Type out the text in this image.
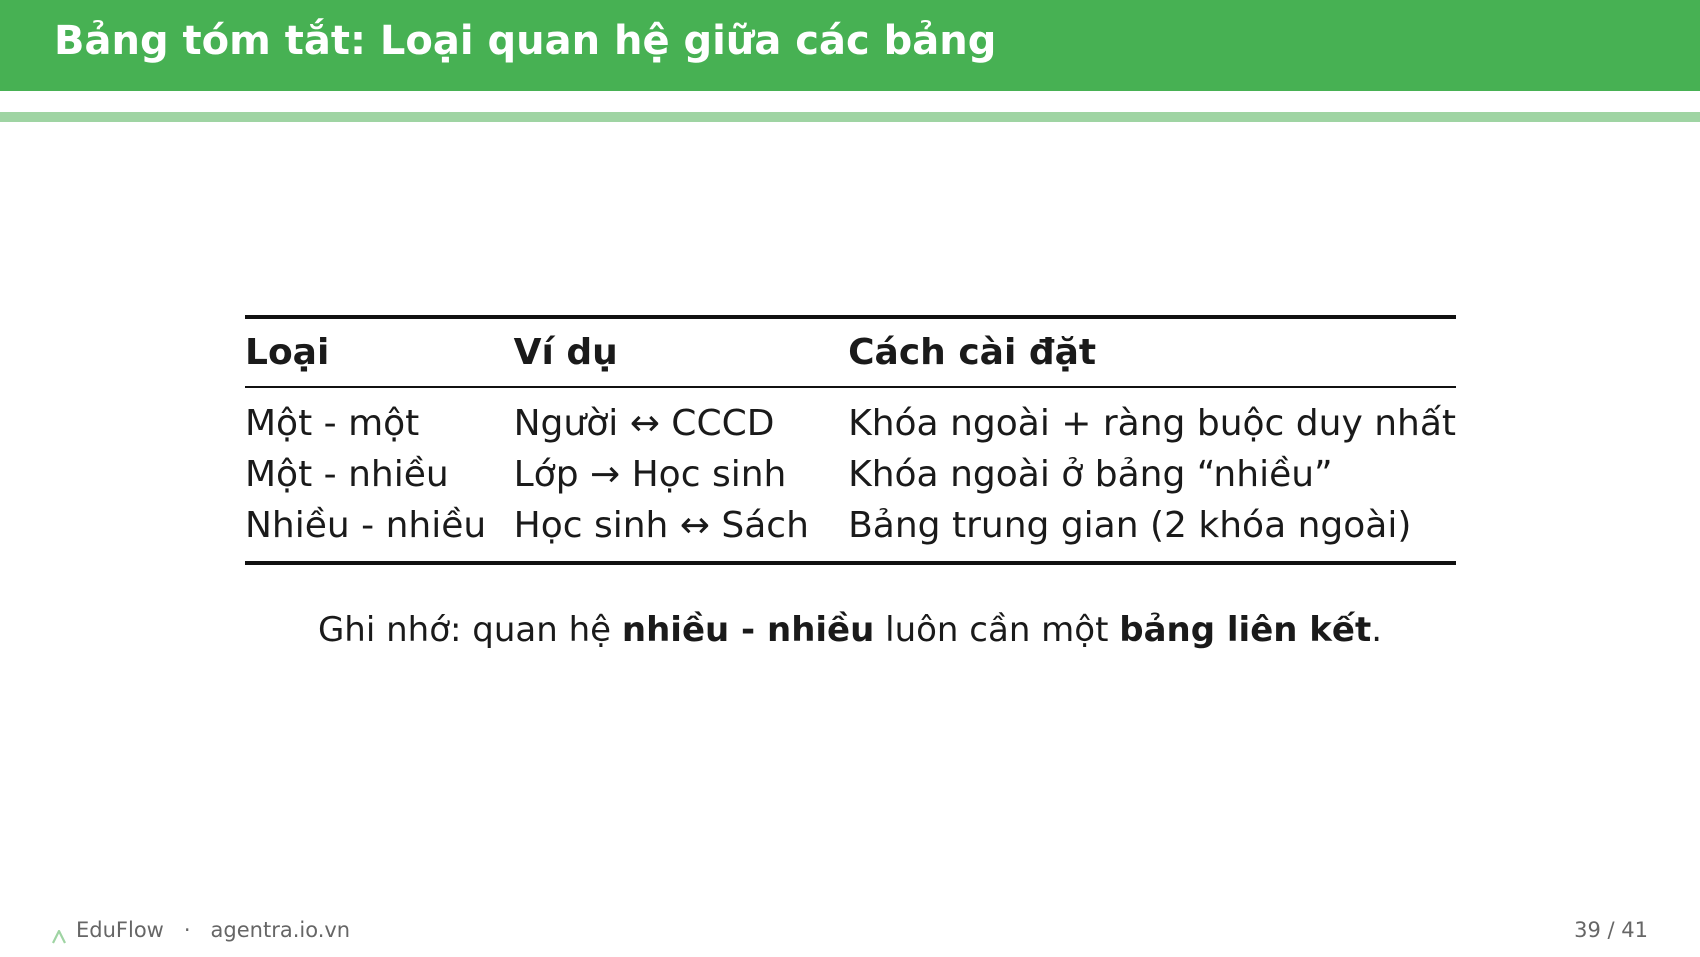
Bảng tóm tắt: Loại quan hệ giữa các bảng
Loại	Ví dụ	Cách cài đặt
Một - một	Người ↔ CCCD	Khóa ngoài + ràng buộc duy nhất
Một - nhiều	Lớp → Học sinh	Khóa ngoài ở bảng “nhiều”
Nhiều - nhiều	Học sinh ↔ Sách	Bảng trung gian (2 khóa ngoài)
Ghi nhớ: quan hệ nhiều - nhiều luôn cần một bảng liên kết.
EduFlow · agentra.io.vn	39 / 41
